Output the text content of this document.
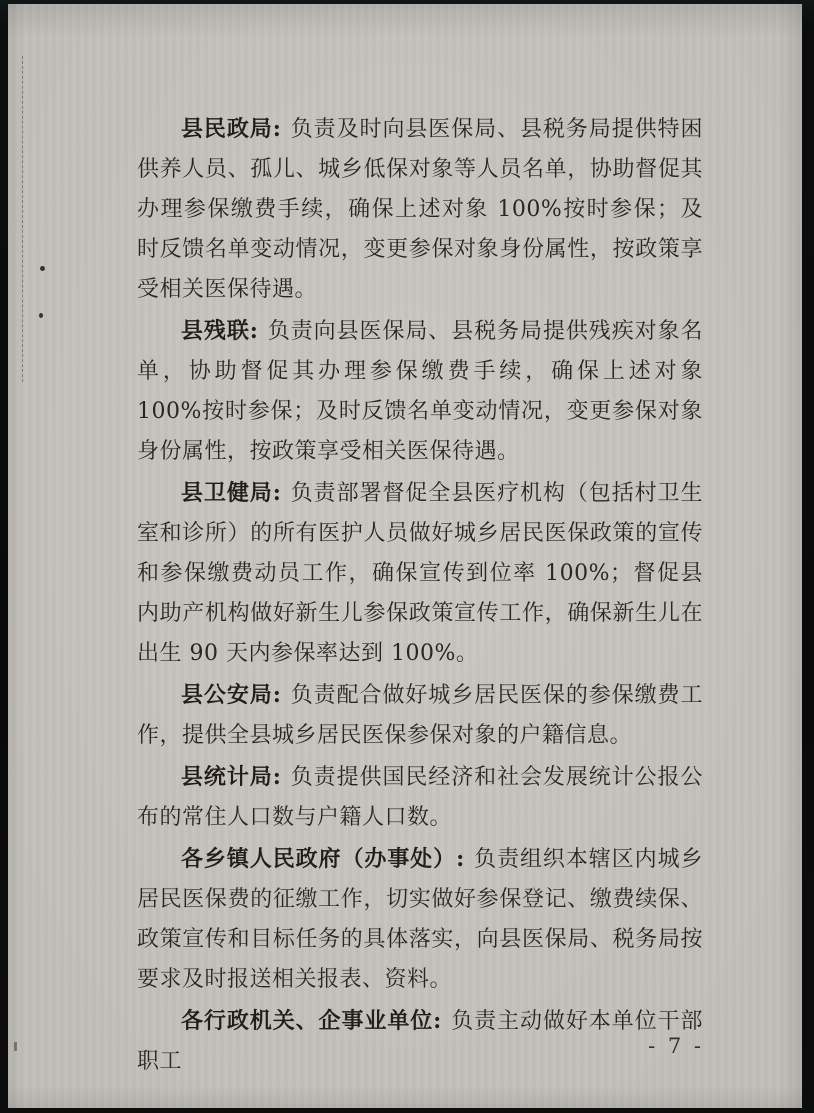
县民政局: 负责及时向县医保局、县税务局提供特困供养人员、孤儿、城乡低保对象等人员名单，协助督促其办理参保缴费手续，确保上述对象 100%按时参保；及时反馈名单变动情况，变更参保对象身份属性，按政策享受相关医保待遇。

县残联: 负责向县医保局、县税务局提供残疾对象名单，协助督促其办理参保缴费手续，确保上述对象 100%按时参保；及时反馈名单变动情况，变更参保对象身份属性，按政策享受相关医保待遇。

县卫健局: 负责部署督促全县医疗机构（包括村卫生室和诊所）的所有医护人员做好城乡居民医保政策的宣传和参保缴费动员工作，确保宣传到位率 100%；督促县内助产机构做好新生儿参保政策宣传工作，确保新生儿在出生 90 天内参保率达到 100%。

县公安局: 负责配合做好城乡居民医保的参保缴费工作，提供全县城乡居民医保参保对象的户籍信息。

县统计局: 负责提供国民经济和社会发展统计公报公布的常住人口数与户籍人口数。

各乡镇人民政府（办事处）: 负责组织本辖区内城乡居民医保费的征缴工作，切实做好参保登记、缴费续保、政策宣传和目标任务的具体落实，向县医保局、税务局按要求及时报送相关报表、资料。

各行政机关、企事业单位: 负责主动做好本单位干部职工

- 7 -
